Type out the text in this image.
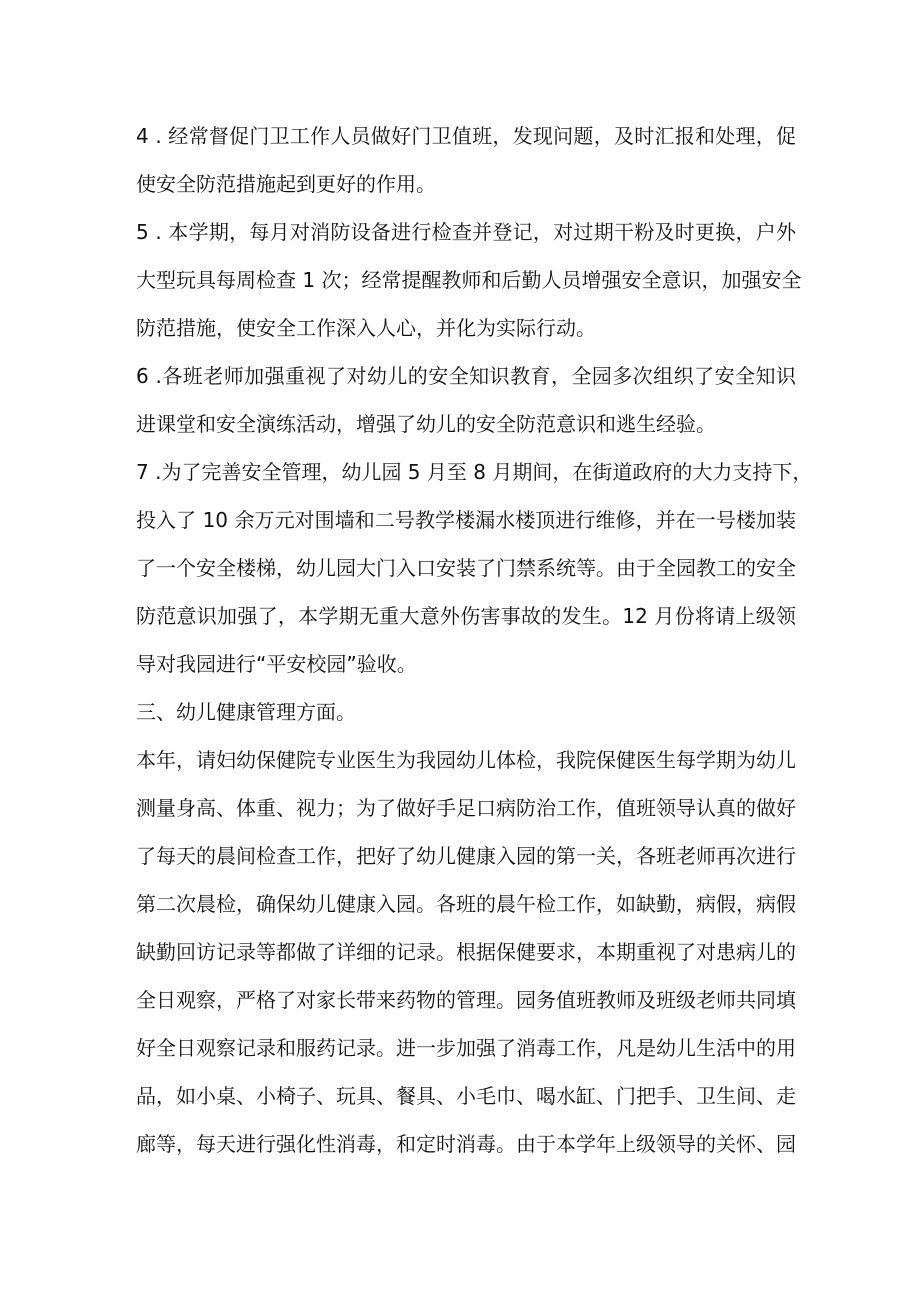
4 . 经常督促门卫工作人员做好门卫值班，发现问题，及时汇报和处理，促
使安全防范措施起到更好的作用。
5 . 本学期，每月对消防设备进行检查并登记，对过期干粉及时更换，户外
大型玩具每周检查 1 次；经常提醒教师和后勤人员增强安全意识，加强安全
防范措施，使安全工作深入人心，并化为实际行动。
6 .各班老师加强重视了对幼儿的安全知识教育，全园多次组织了安全知识
进课堂和安全演练活动，增强了幼儿的安全防范意识和逃生经验。
7 .为了完善安全管理，幼儿园 5 月至 8 月期间，在街道政府的大力支持下，
投入了 10 余万元对围墙和二号教学楼漏水楼顶进行维修，并在一号楼加装
了一个安全楼梯，幼儿园大门入口安装了门禁系统等。由于全园教工的安全
防范意识加强了，本学期无重大意外伤害事故的发生。12 月份将请上级领
导对我园进行“平安校园”验收。
三、幼儿健康管理方面。
本年，请妇幼保健院专业医生为我园幼儿体检，我院保健医生每学期为幼儿
测量身高、体重、视力；为了做好手足口病防治工作，值班领导认真的做好
了每天的晨间检查工作，把好了幼儿健康入园的第一关，各班老师再次进行
第二次晨检，确保幼儿健康入园。各班的晨午检工作，如缺勤，病假，病假
缺勤回访记录等都做了详细的记录。根据保健要求，本期重视了对患病儿的
全日观察，严格了对家长带来药物的管理。园务值班教师及班级老师共同填
好全日观察记录和服药记录。进一步加强了消毒工作，凡是幼儿生活中的用
品，如小桌、小椅子、玩具、餐具、小毛巾、喝水缸、门把手、卫生间、走
廊等，每天进行强化性消毒，和定时消毒。由于本学年上级领导的关怀、园
